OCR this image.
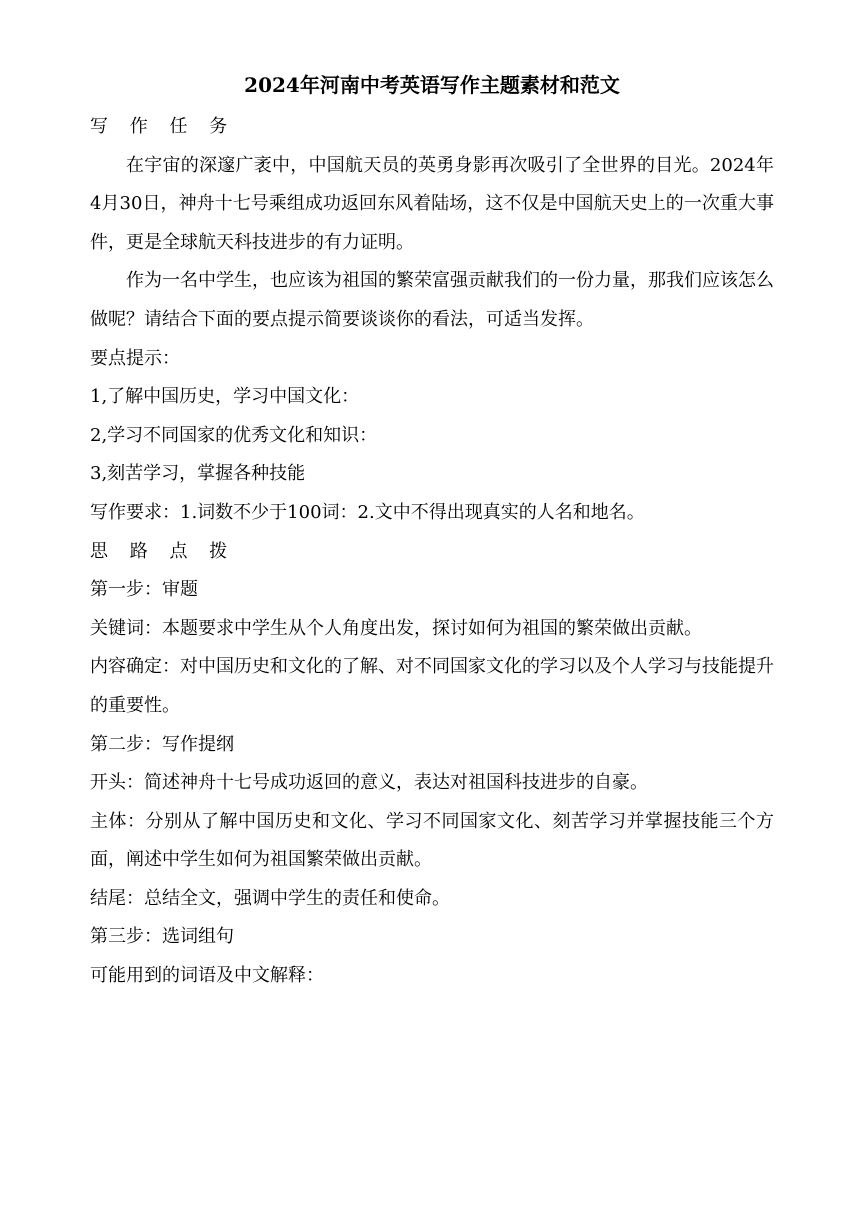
2024年河南中考英语写作主题素材和范文

写 作 任 务

在宇宙的深邃广袤中，中国航天员的英勇身影再次吸引了全世界的目光。2024年4月30日，神舟十七号乘组成功返回东风着陆场，这不仅是中国航天史上的一次重大事件，更是全球航天科技进步的有力证明。

作为一名中学生，也应该为祖国的繁荣富强贡献我们的一份力量，那我们应该怎么做呢？请结合下面的要点提示简要谈谈你的看法，可适当发挥。

要点提示：

1,了解中国历史，学习中国文化：

2,学习不同国家的优秀文化和知识：

3,刻苦学习，掌握各种技能

写作要求：1.词数不少于100词：2.文中不得出现真实的人名和地名。

思 路 点 拨

第一步：审题

关键词：本题要求中学生从个人角度出发，探讨如何为祖国的繁荣做出贡献。

内容确定：对中国历史和文化的了解、对不同国家文化的学习以及个人学习与技能提升的重要性。

第二步：写作提纲

开头：简述神舟十七号成功返回的意义，表达对祖国科技进步的自豪。

主体：分别从了解中国历史和文化、学习不同国家文化、刻苦学习并掌握技能三个方面，阐述中学生如何为祖国繁荣做出贡献。

结尾：总结全文，强调中学生的责任和使命。

第三步：选词组句

可能用到的词语及中文解释：
